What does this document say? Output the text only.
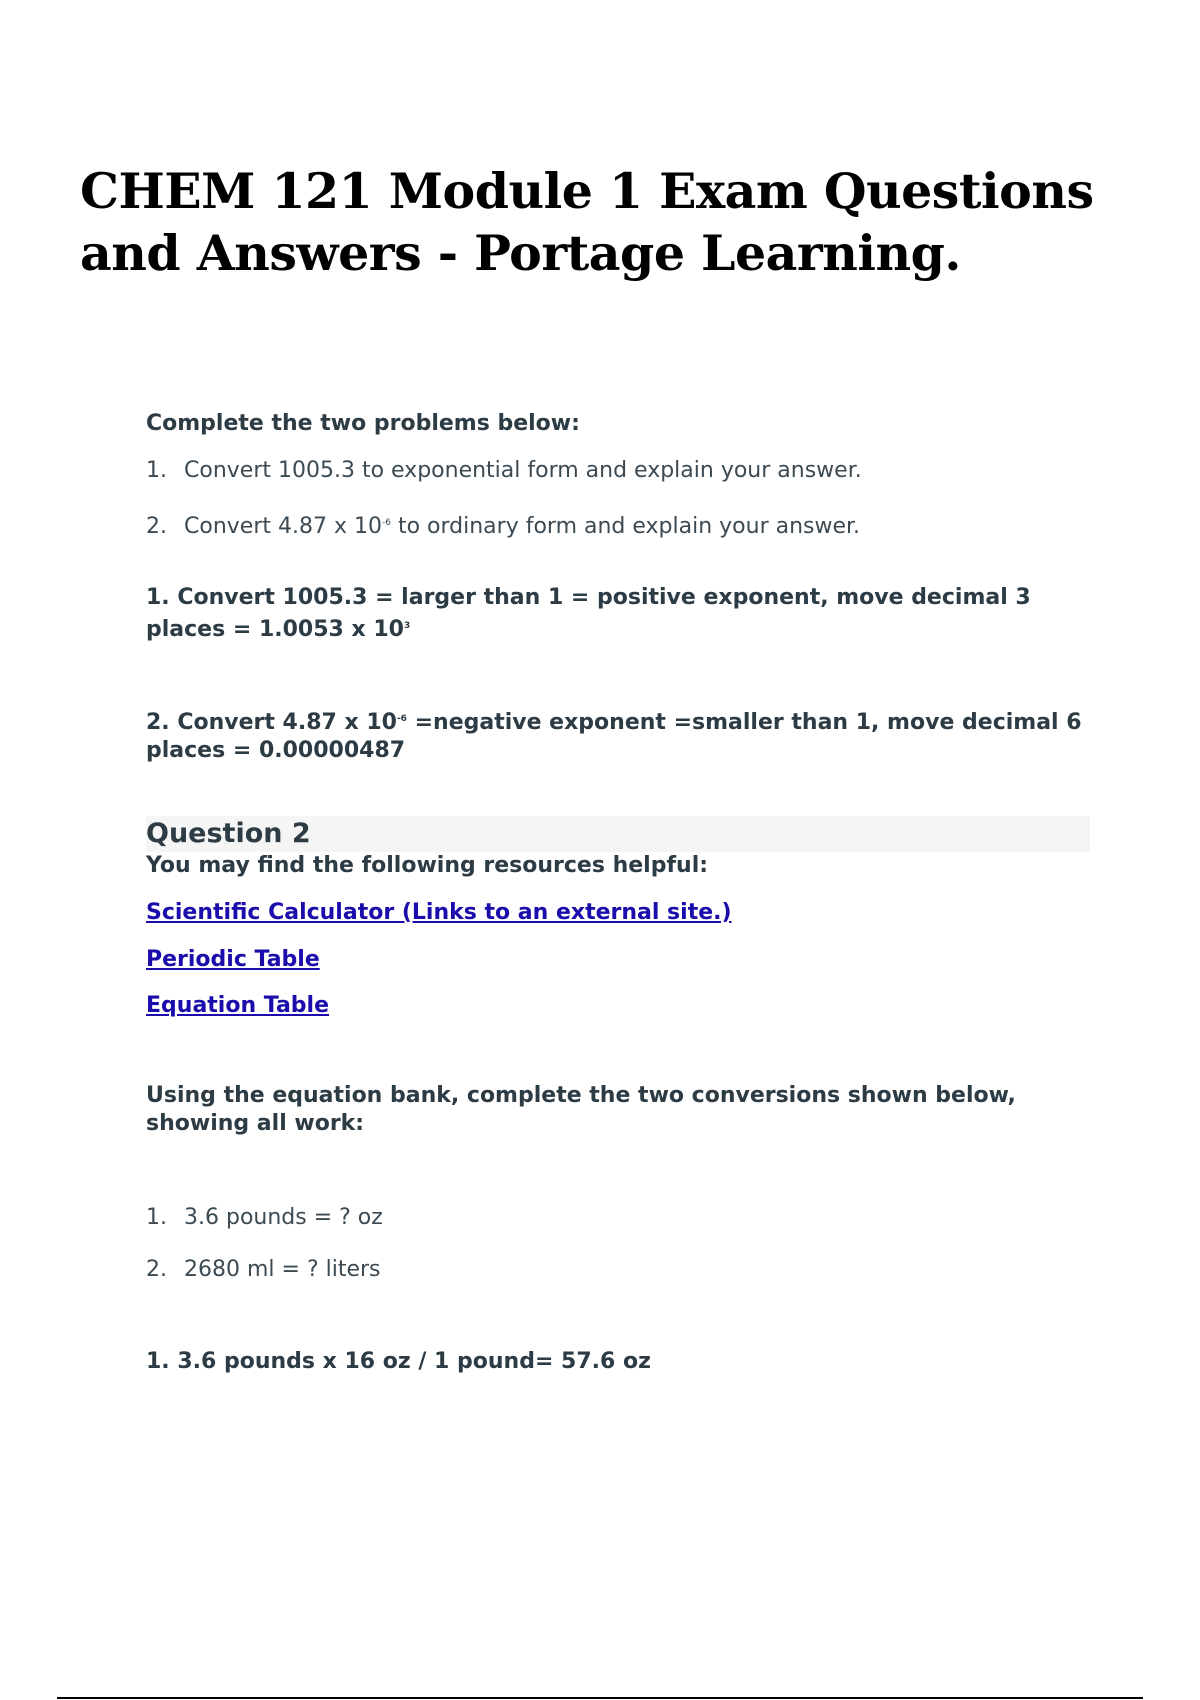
CHEM 121 Module 1 Exam Questions and Answers - Portage Learning.
Complete the two problems below:
1. Convert 1005.3 to exponential form and explain your answer.
2. Convert 4.87 x $10^{-6}$ to ordinary form and explain your answer.
1. Convert 1005.3 = larger than 1 = positive exponent, move decimal 3 places = 1.0053 x $10^3$
2. Convert 4.87 x $10^{-6}$ =negative exponent =smaller than 1, move decimal 6 places = 0.00000487
Question 2
You may find the following resources helpful:
Scientific Calculator (Links to an external site.)
Periodic Table
Equation Table
Using the equation bank, complete the two conversions shown below, showing all work:
1. 3.6 pounds = ? oz
2. 2680 ml = ? liters
1. 3.6 pounds x 16 oz / 1 pound= 57.6 oz
